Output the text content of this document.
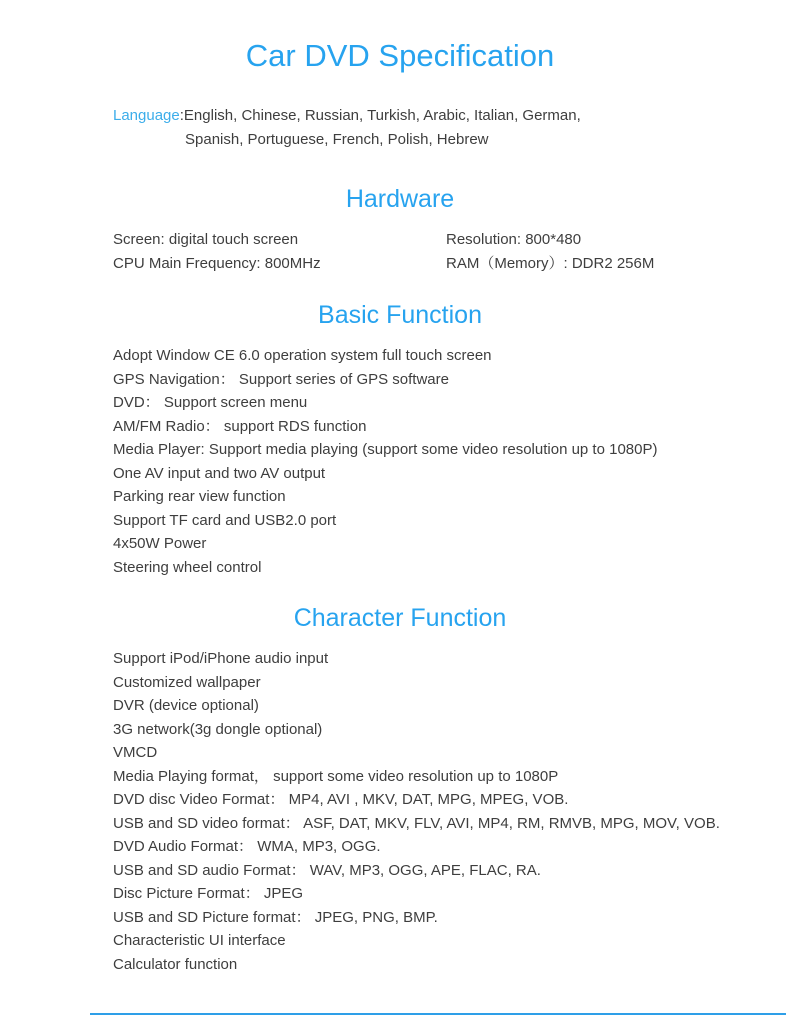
Car DVD Specification
Language:English, Chinese, Russian, Turkish, Arabic, Italian, German,
Spanish, Portuguese, French, Polish, Hebrew
Hardware
Screen: digital touch screen	Resolution: 800*480
CPU Main Frequency: 800MHz	RAM（Memory）: DDR2 256M
Basic Function
Adopt Window CE 6.0 operation system full touch screen
GPS Navigation： Support series of GPS software
DVD： Support screen menu
AM/FM Radio： support RDS function
Media Player: Support media playing (support some video resolution up to 1080P)
One AV input and two AV output
Parking rear view function
Support TF card and USB2.0 port
4x50W Power
Steering wheel control
Character Function
Support iPod/iPhone audio input
Customized wallpaper
DVR (device optional)
3G network(3g dongle optional)
VMCD
Media Playing format， support some video resolution up to 1080P
DVD disc Video Format： MP4, AVI , MKV, DAT, MPG, MPEG, VOB.
USB and SD video format： ASF, DAT, MKV, FLV, AVI, MP4, RM, RMVB, MPG, MOV, VOB.
DVD Audio Format： WMA, MP3, OGG.
USB and SD audio Format： WAV, MP3, OGG, APE, FLAC, RA.
Disc Picture Format： JPEG
USB and SD Picture format： JPEG, PNG, BMP.
Characteristic UI interface
Calculator function
